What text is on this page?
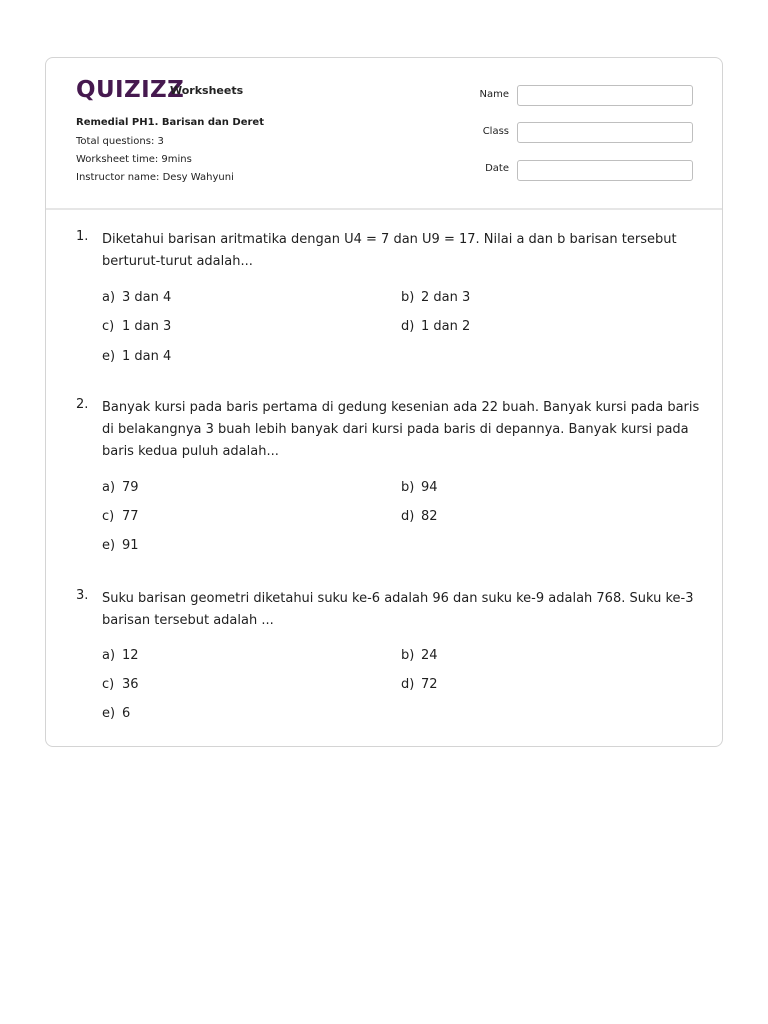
QUIZIZZ
Worksheets
Remedial PH1. Barisan dan Deret
Total questions: 3
Worksheet time: 9mins
Instructor name: Desy Wahyuni
Name
Class
Date
1. Diketahui barisan aritmatika dengan U4 = 7 dan U9 = 17. Nilai a dan b barisan tersebut berturut-turut adalah...
a) 3 dan 4	b) 2 dan 3
c) 1 dan 3	d) 1 dan 2
e) 1 dan 4
2. Banyak kursi pada baris pertama di gedung kesenian ada 22 buah. Banyak kursi pada baris di belakangnya 3 buah lebih banyak dari kursi pada baris di depannya. Banyak kursi pada baris kedua puluh adalah...
a) 79	b) 94
c) 77	d) 82
e) 91
3. Suku barisan geometri diketahui suku ke-6 adalah 96 dan suku ke-9 adalah 768. Suku ke-3 barisan tersebut adalah ...
a) 12	b) 24
c) 36	d) 72
e) 6
